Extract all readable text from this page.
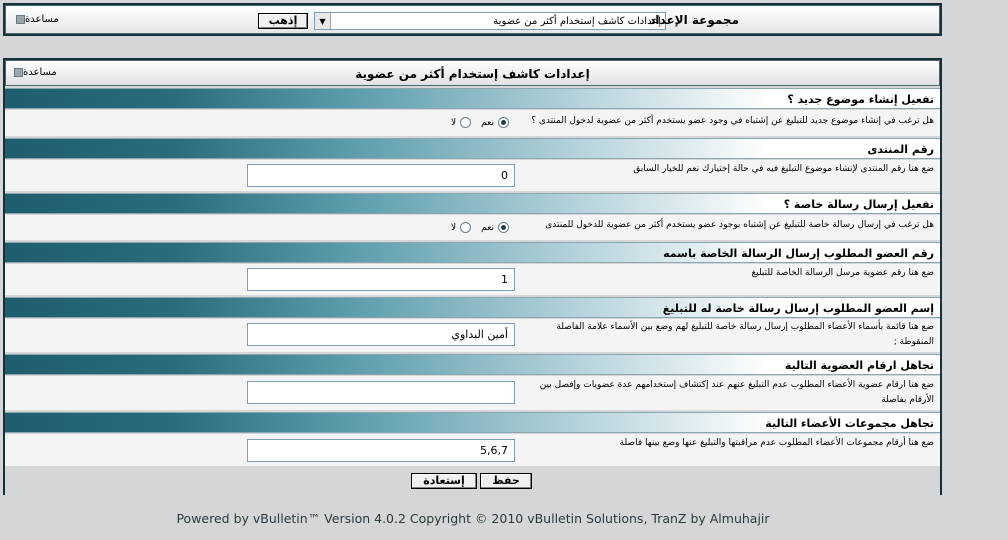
مساعدة	إذهب	▼	إعدادات كاشف إستخدام أكثر من عضوية
مجموعة الإعداد
مساعدة	إعدادات كاشف إستخدام أكثر من عضوية
تفعيل إنشاء موضوع جديد ؟
هل ترغب في إنشاء موضوع جديد للتبليغ عن إشتباه في وجود عضو يستخدم أكثر من عضوية لدخول المنتدى ؟
نعم
لا
رقم المنتدى
ضع هنا رقم المنتدى لإنشاء موضوع التبليغ فيه في حالة إختيارك نعم للخيار السابق
0
تفعيل إرسال رسالة خاصة ؟
هل ترغب في إرسال رسالة خاصة للتبليغ عن إشتباه بوجود عضو يستخدم أكثر من عضوية للدخول للمنتدى
نعم
لا
رقم العضو المطلوب إرسال الرسالة الخاصة باسمه
ضع هنا رقم عضوية مرسل الرسالة الخاصة للتبليغ
1
إسم العضو المطلوب إرسال رسالة خاصة له للتبليغ
ضع هنا قائمة بأسماء الأعضاء المطلوب إرسال رسالة خاصة للتبليغ لهم وضع بين الأسماء علامة الفاصلة المنقوطة ;
أمين البداوي
تجاهل ارقام العضوية التالية
ضع هنا ارقام عضوية الأعضاء المطلوب عدم التبليغ عنهم عند إكتشاف إستخدامهم عدة عضويات وإفصل بين الأرقام بفاصلة
تجاهل مجموعات الأعضاء التالية
ضع هنا أرقام مجموعات الأعضاء المطلوب عدم مراقبتها والتبليغ عنها وضع بينها فاصلة
5,6,7
إستعادة	حفظ
Powered by vBulletin™ Version 4.0.2 Copyright © 2010 vBulletin Solutions, TranZ by Almuhajir
